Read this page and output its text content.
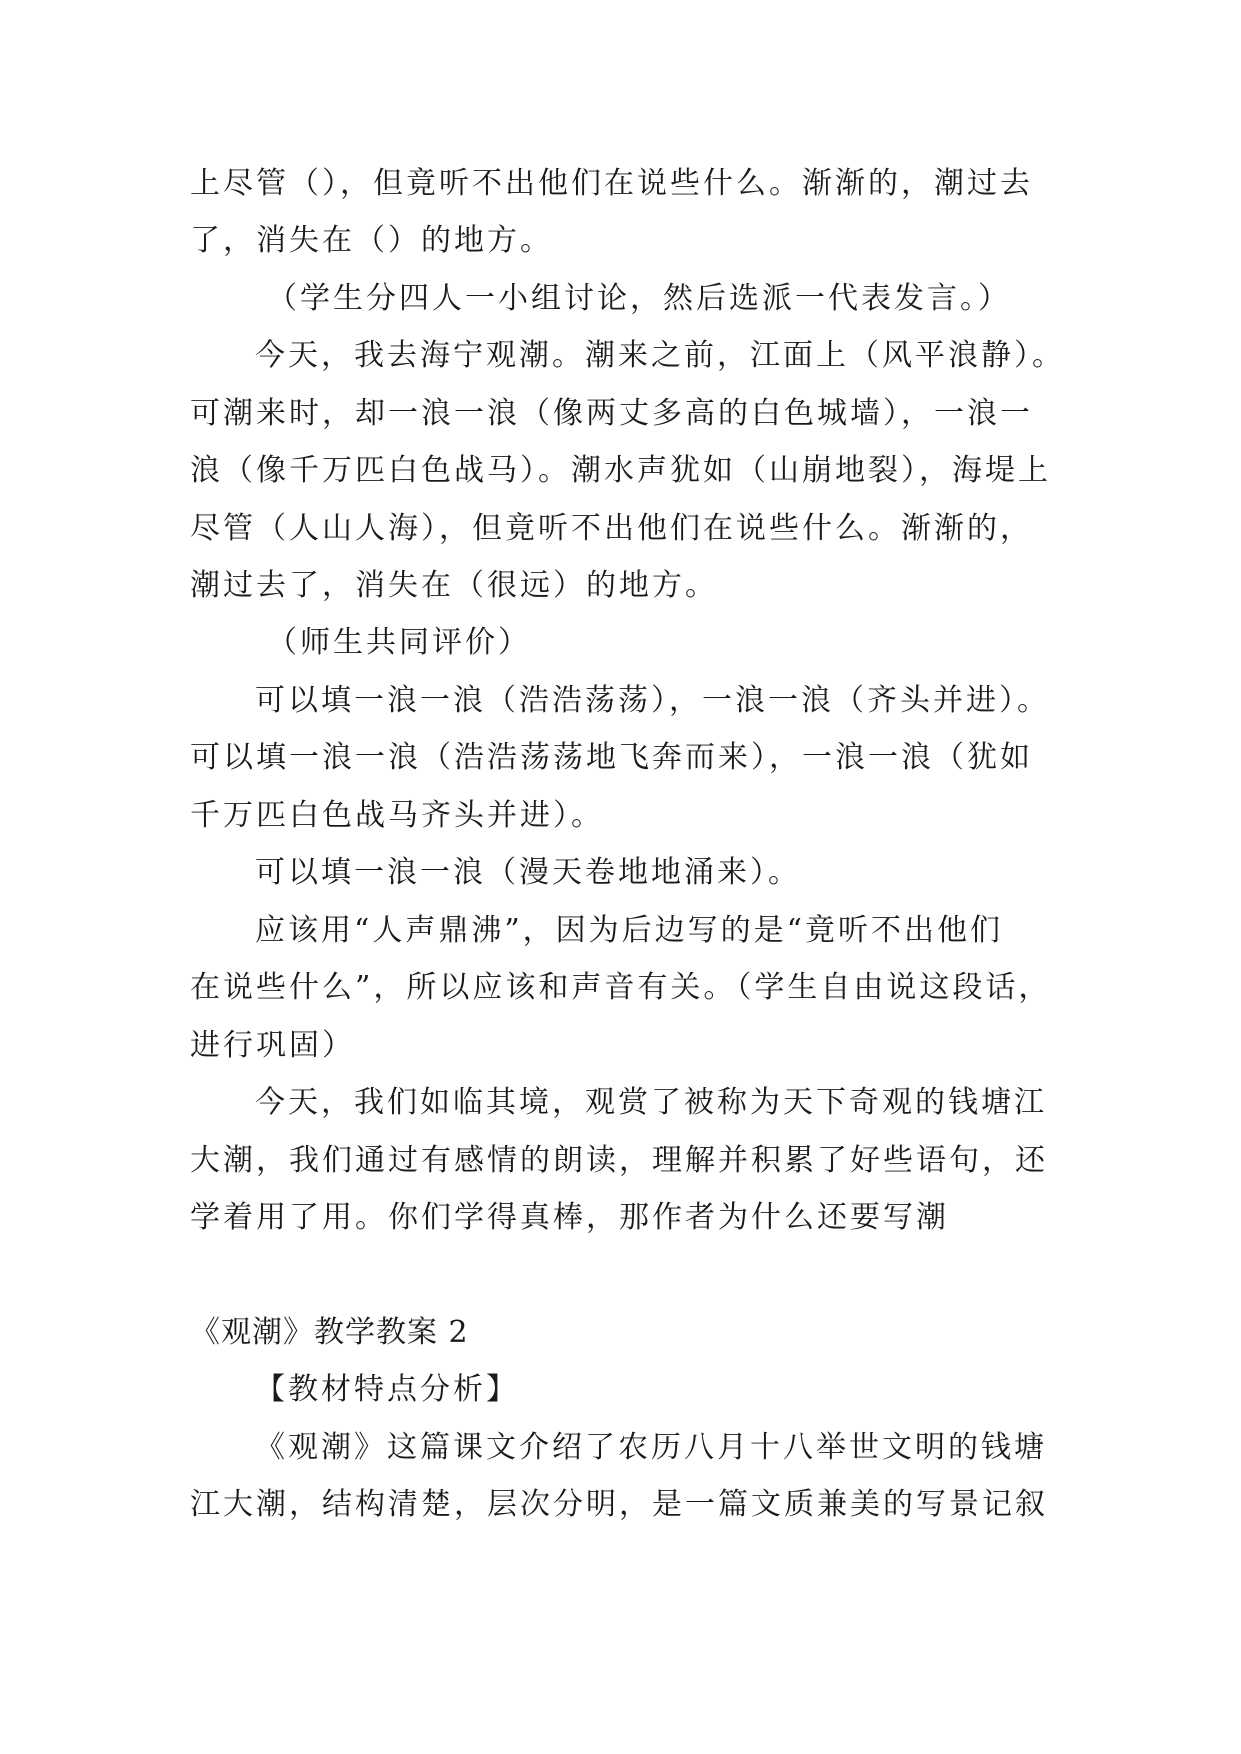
上尽管（），但竟听不出他们在说些什么。渐渐的，潮过去
了，消失在（）的地方。
（学生分四人一小组讨论，然后选派一代表发言。）
今天，我去海宁观潮。潮来之前，江面上（风平浪静）。
可潮来时，却一浪一浪（像两丈多高的白色城墙），一浪一
浪（像千万匹白色战马）。潮水声犹如（山崩地裂），海堤上
尽管（人山人海），但竟听不出他们在说些什么。渐渐的，
潮过去了，消失在（很远）的地方。
（师生共同评价）
可以填一浪一浪（浩浩荡荡），一浪一浪（齐头并进）。
可以填一浪一浪（浩浩荡荡地飞奔而来），一浪一浪（犹如
千万匹白色战马齐头并进）。
可以填一浪一浪（漫天卷地地涌来）。
应该用“人声鼎沸”，因为后边写的是“竟听不出他们
在说些什么”，所以应该和声音有关。（学生自由说这段话，
进行巩固）
今天，我们如临其境，观赏了被称为天下奇观的钱塘江
大潮，我们通过有感情的朗读，理解并积累了好些语句，还
学着用了用。你们学得真棒，那作者为什么还要写潮
《观潮》教学教案 2
【教材特点分析】
《观潮》这篇课文介绍了农历八月十八举世文明的钱塘
江大潮，结构清楚，层次分明，是一篇文质兼美的写景记叙
